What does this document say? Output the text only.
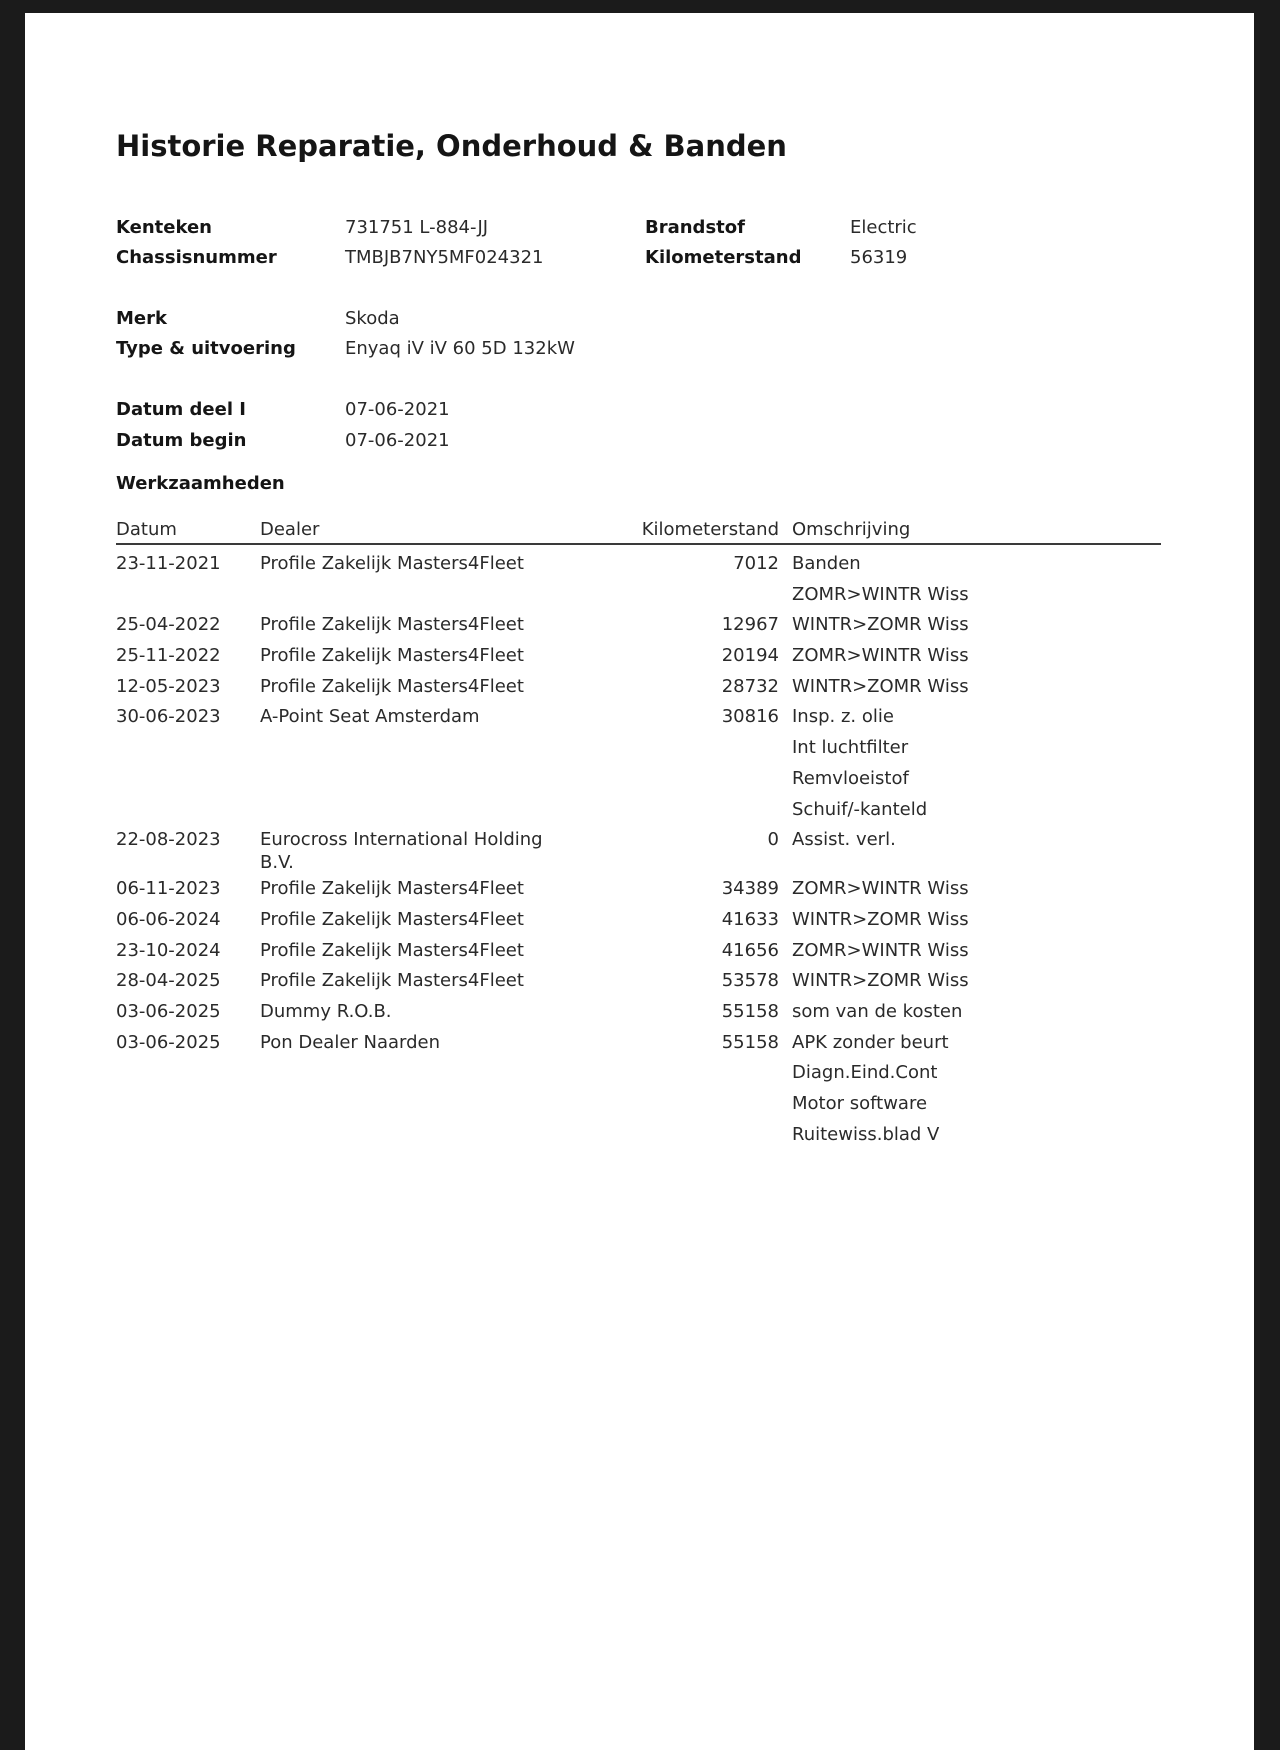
Historie Reparatie, Onderhoud & Banden
Kenteken	731751 L-884-JJ
Chassisnummer	TMBJB7NY5MF024321
Brandstof	Electric
Kilometerstand	56319
Merk	Skoda
Type & uitvoering	Enyaq iV iV 60 5D 132kW
Datum deel I	07-06-2021
Datum begin	07-06-2021
Werkzaamheden
Datum	Dealer	Kilometerstand Omschrijving
23-11-2021 Profile Zakelijk Masters4Fleet	7012 Banden
ZOMR>WINTR Wiss
25-04-2022 Profile Zakelijk Masters4Fleet	12967 WINTR>ZOMR Wiss
25-11-2022 Profile Zakelijk Masters4Fleet	20194 ZOMR>WINTR Wiss
12-05-2023 Profile Zakelijk Masters4Fleet	28732 WINTR>ZOMR Wiss
30-06-2023 A-Point Seat Amsterdam	30816 Insp. z. olie
Int luchtfilter
Remvloeistof
Schuif/-kanteld
22-08-2023 Eurocross International Holding B.V.
0 Assist. verl.
06-11-2023 Profile Zakelijk Masters4Fleet	34389 ZOMR>WINTR Wiss
06-06-2024 Profile Zakelijk Masters4Fleet	41633 WINTR>ZOMR Wiss
23-10-2024 Profile Zakelijk Masters4Fleet	41656 ZOMR>WINTR Wiss
28-04-2025 Profile Zakelijk Masters4Fleet	53578 WINTR>ZOMR Wiss
03-06-2025 Dummy R.O.B.	55158 som van de kosten
03-06-2025 Pon Dealer Naarden	55158 APK zonder beurt
Diagn.Eind.Cont
Motor software
Ruitewiss.blad V
